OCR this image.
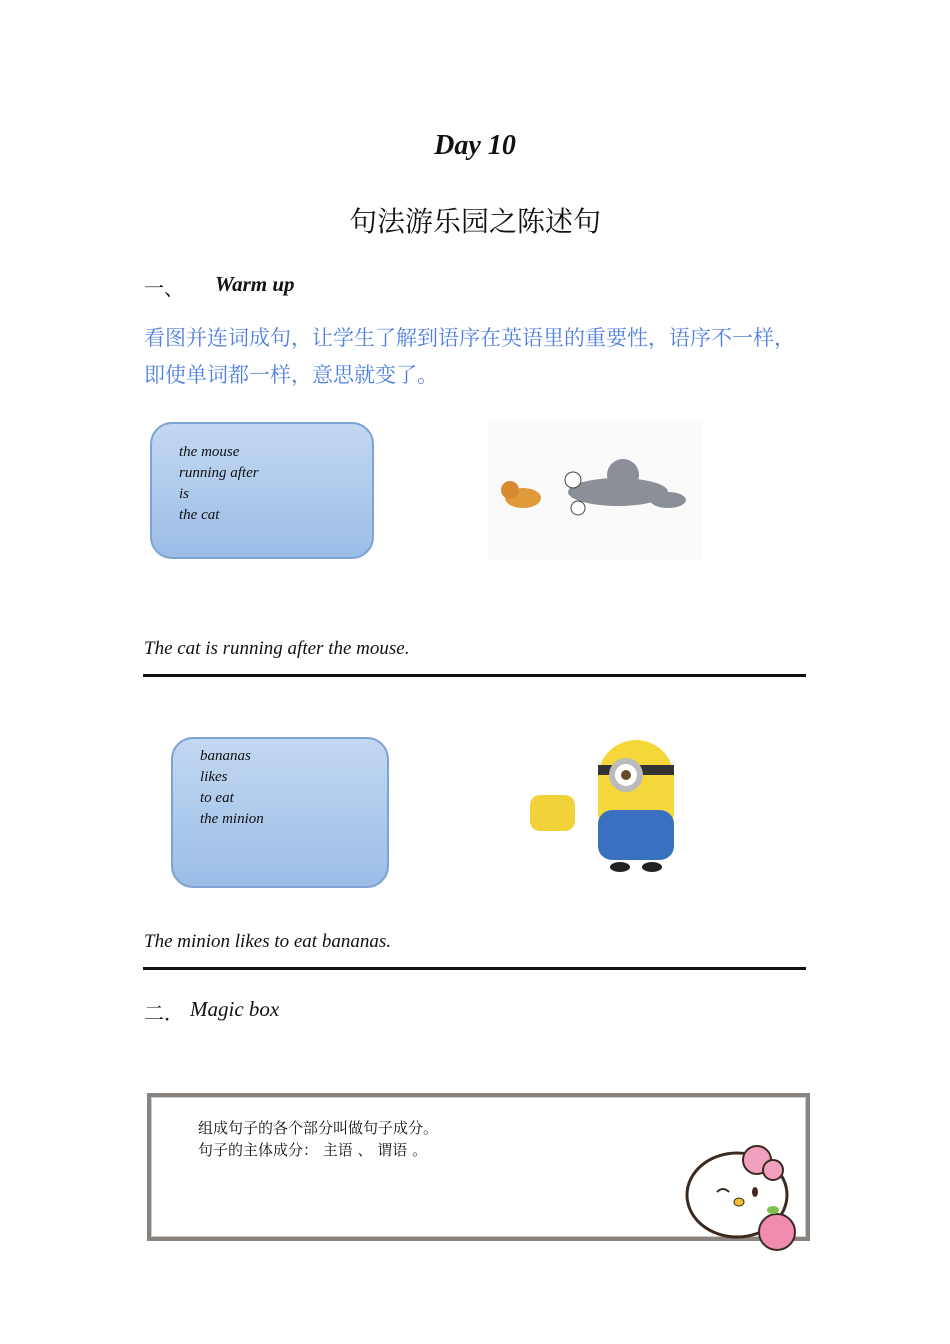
Day 10
句法游乐园之陈述句
一、 Warm up
看图并连词成句，让学生了解到语序在英语里的重要性，语序不一样，即使单词都一样，意思就变了。
the mouse
running after
is
the cat
The cat is running after the mouse.
bananas
likes
to eat
the minion
The minion likes to eat bananas.
二． Magic box
组成句子的各个部分叫做句子成分。
句子的主体成分： 主语 、 谓语 。
